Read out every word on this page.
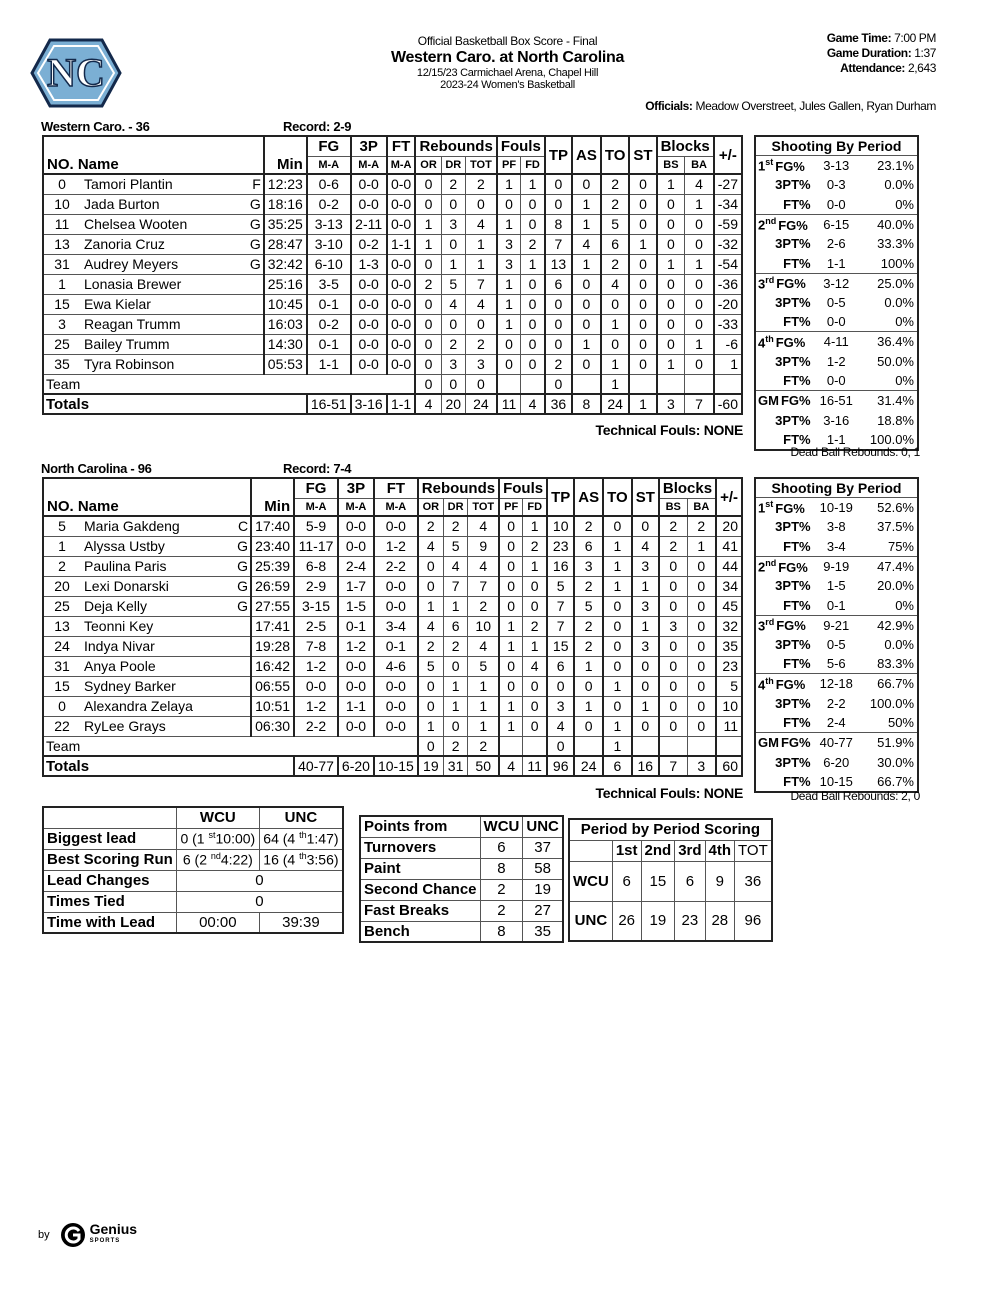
NC
Official Basketball Box Score - Final
Western Caro. at North Carolina
12/15/23 Carmichael Arena, Chapel Hill
2023-24 Women's Basketball
Game Time: 7:00 PM
Game Duration: 1:37
Attendance: 2,643
Officials: Meadow Overstreet, Jules Gallen, Ryan Durham
Western Caro. - 36	Record: 2-9
			FG	3P	FT	Rebounds			Fouls		TP	AS	TO	ST	Blocks		+/-
NO. Name		Min	M-A	M-A	M-A	OR	DR	TOT	PF	FD					BS	BA	
0 Tamori Plantin	F	12:23	0-6	0-0	0-0	0	2	2	1	1	0	0	2	0	1	4	-27
10 Jada Burton	G	18:16	0-2	0-0	0-0	0	0	0	0	0	0	1	2	0	0	1	-34
11 Chelsea Wooten	G	35:25	3-13	2-11	0-0	1	3	4	1	0	8	1	5	0	0	0	-59
13 Zanoria Cruz	G	28:47	3-10	0-2	1-1	1	0	1	3	2	7	4	6	1	0	0	-32
31 Audrey Meyers	G	32:42	6-10	1-3	0-0	0	1	1	3	1	13	1	2	0	1	1	-54
1 Lonasia Brewer		25:16	3-5	0-0	0-0	2	5	7	1	0	6	0	4	0	0	0	-36
15 Ewa Kielar		10:45	0-1	0-0	0-0	0	4	4	1	0	0	0	0	0	0	0	-20
3 Reagan Trumm		16:03	0-2	0-0	0-0	0	0	0	1	0	0	0	1	0	0	0	-33
25 Bailey Trumm		14:30	0-1	0-0	0-0	0	2	2	0	0	0	1	0	0	0	1	-6
35 Tyra Robinson		05:53	1-1	0-0	0-0	0	3	3	0	0	2	0	1	0	1	0	1
Team						0	0	0			0		1				
Totals			16-51	3-16	1-1	4	20	24	11	4	36	8	24	1	3	7	-60
Shooting By Period		
1st FG%	3-13	23.1%
3PT%	0-3	0.0%
FT%	0-0	0%
2nd FG%	6-15	40.0%
3PT%	2-6	33.3%
FT%	1-1	100%
3rd FG%	3-12	25.0%
3PT%	0-5	0.0%
FT%	0-0	0%
4th FG%	4-11	36.4%
3PT%	1-2	50.0%
FT%	0-0	0%
GM FG%	16-51	31.4%
3PT%	3-16	18.8%
FT%	1-1	100.0%
Technical Fouls: NONE
Dead Ball Rebounds: 0, 1
North Carolina - 96	Record: 7-4
			FG	3P	FT	Rebounds			Fouls		TP	AS	TO	ST	Blocks		+/-
NO. Name		Min	M-A	M-A	M-A	OR	DR	TOT	PF	FD					BS	BA	
5 Maria Gakdeng	C	17:40	5-9	0-0	0-0	2	2	4	0	1	10	2	0	0	2	2	20
1 Alyssa Ustby	G	23:40	11-17	0-0	1-2	4	5	9	0	2	23	6	1	4	2	1	41
2 Paulina Paris	G	25:39	6-8	2-4	2-2	0	4	4	0	1	16	3	1	3	0	0	44
20 Lexi Donarski	G	26:59	2-9	1-7	0-0	0	7	7	0	0	5	2	1	1	0	0	34
25 Deja Kelly	G	27:55	3-15	1-5	0-0	1	1	2	0	0	7	5	0	3	0	0	45
13 Teonni Key		17:41	2-5	0-1	3-4	4	6	10	1	2	7	2	0	1	3	0	32
24 Indya Nivar		19:28	7-8	1-2	0-1	2	2	4	1	1	15	2	0	3	0	0	35
31 Anya Poole		16:42	1-2	0-0	4-6	5	0	5	0	4	6	1	0	0	0	0	23
15 Sydney Barker		06:55	0-0	0-0	0-0	0	1	1	0	0	0	0	1	0	0	0	5
0 Alexandra Zelaya		10:51	1-2	1-1	0-0	0	1	1	1	0	3	1	0	1	0	0	10
22 RyLee Grays		06:30	2-2	0-0	0-0	1	0	1	1	0	4	0	1	0	0	0	11
Team						0	2	2			0		1				
Totals			40-77	6-20	10-15	19	31	50	4	11	96	24	6	16	7	3	60
Shooting By Period		
1st FG%	10-19	52.6%
3PT%	3-8	37.5%
FT%	3-4	75%
2nd FG%	9-19	47.4%
3PT%	1-5	20.0%
FT%	0-1	0%
3rd FG%	9-21	42.9%
3PT%	0-5	0.0%
FT%	5-6	83.3%
4th FG%	12-18	66.7%
3PT%	2-2	100.0%
FT%	2-4	50%
GM FG%	40-77	51.9%
3PT%	6-20	30.0%
FT%	10-15	66.7%
Technical Fouls: NONE	Dead Ball Rebounds: 2, 0
	WCU	UNC
Biggest lead	0 (1 $^{st}$10:00)	64 (4 $^{th}$1:47)
Best Scoring Run	6 (2 $^{nd}$4:22)	16 (4 $^{th}$3:56)
Lead Changes	0	
Times Tied	0	
Time with Lead	00:00	39:39
Points from	WCU	UNC
Turnovers	6	37
Paint	8	58
Second Chance	2	19
Fast Breaks	2	27
Bench	8	35
Period by Period Scoring					
	1st	2nd	3rd	4th	TOT
WCU	6	15	6	9	36
UNC	26	19	23	28	96
by	Genius
SPORTS
